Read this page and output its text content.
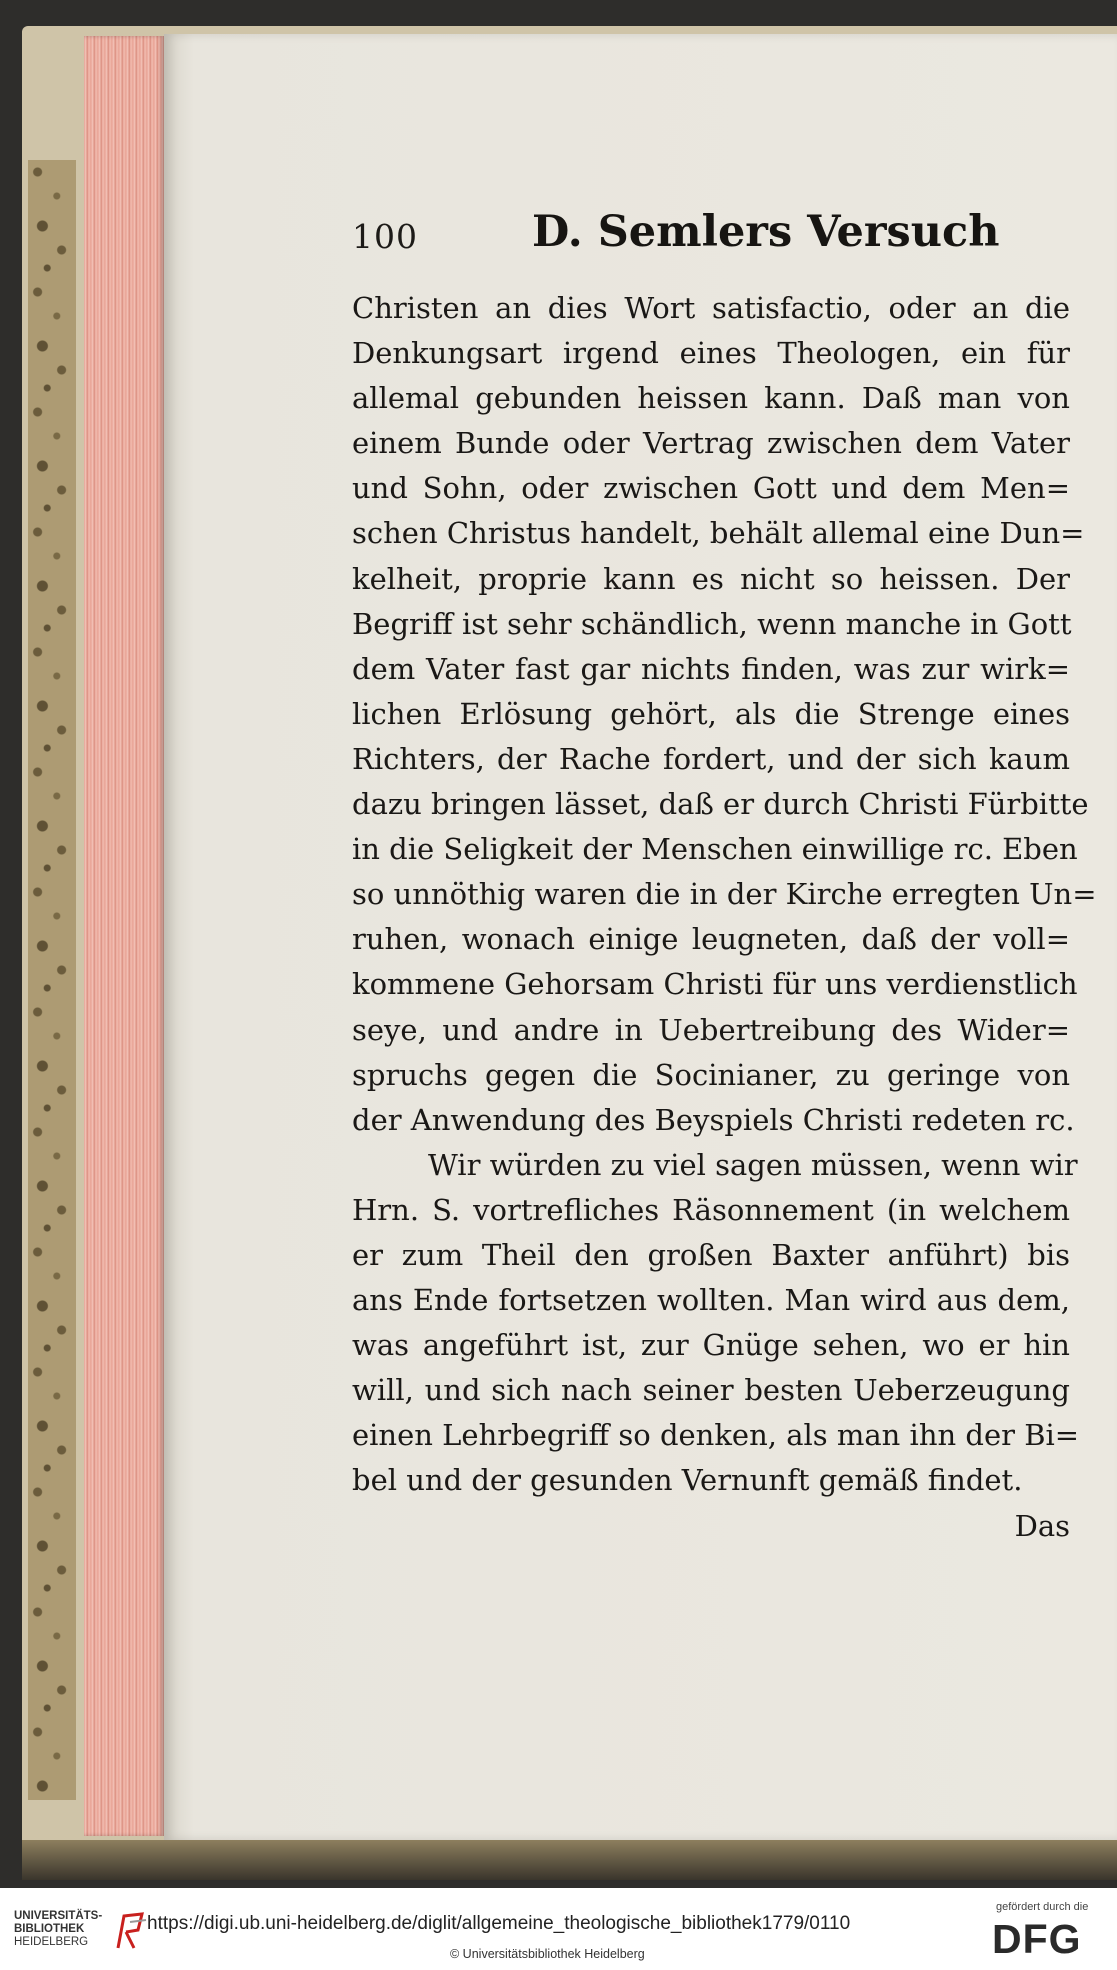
100	D. Semlers Versuch
Christen an dies Wort satisfactio, oder an die
Denkungsart irgend eines Theologen, ein für
allemal gebunden heissen kann. Daß man von
einem Bunde oder Vertrag zwischen dem Vater
und Sohn, oder zwischen Gott und dem Men=
schen Christus handelt, behält allemal eine Dun=
kelheit, proprie kann es nicht so heissen. Der
Begriff ist sehr schändlich, wenn manche in Gott
dem Vater fast gar nichts finden, was zur wirk=
lichen Erlösung gehört, als die Strenge eines
Richters, der Rache fordert, und der sich kaum
dazu bringen lässet, daß er durch Christi Fürbitte
in die Seligkeit der Menschen einwillige rc. Eben
so unnöthig waren die in der Kirche erregten Un=
ruhen, wonach einige leugneten, daß der voll=
kommene Gehorsam Christi für uns verdienstlich
seye, und andre in Uebertreibung des Wider=
spruchs gegen die Socinianer, zu geringe von
der Anwendung des Beyspiels Christi redeten rc.
Wir würden zu viel sagen müssen, wenn wir
Hrn. S. vortrefliches Räsonnement (in welchem
er zum Theil den großen Baxter anführt) bis
ans Ende fortsetzen wollten. Man wird aus dem,
was angeführt ist, zur Gnüge sehen, wo er hin
will, und sich nach seiner besten Ueberzeugung
einen Lehrbegriff so denken, als man ihn der Bi=
bel und der gesunden Vernunft gemäß findet.
Das
UNIVERSITÄTS-
BIBLIOTHEK
HEIDELBERG
https://digi.ub.uni-heidelberg.de/diglit/allgemeine_theologische_bibliothek1779/0110
© Universitätsbibliothek Heidelberg
gefördert durch die
DFG
